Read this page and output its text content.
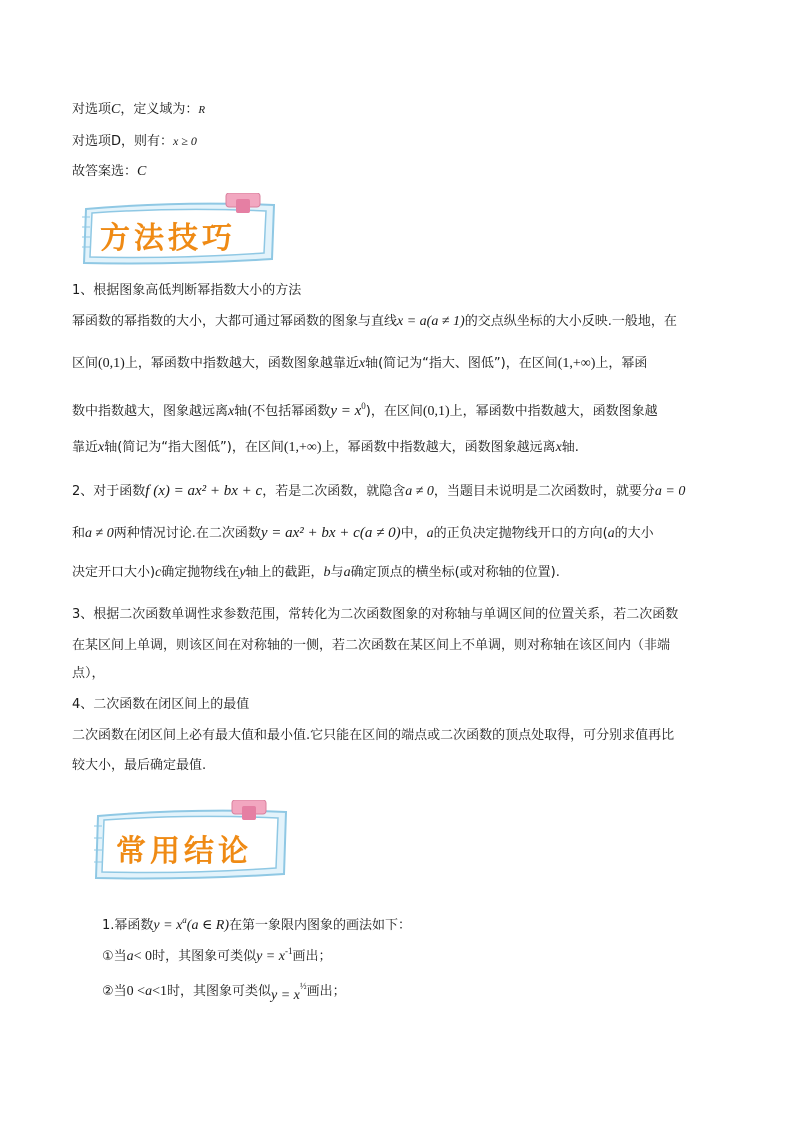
对选项C，定义域为：R
对选项D，则有：x ≥ 0
故答案选：C
方法技巧
1、根据图象高低判断幂指数大小的方法
幂函数的幂指数的大小，大都可通过幂函数的图象与直线x = a(a ≠ 1)的交点纵坐标的大小反映.一般地，在
区间(0,1)上，幂函数中指数越大，函数图象越靠近x轴(简记为“指大、图低”)，在区间(1,+∞)上，幂函
数中指数越大，图象越远离x轴(不包括幂函数$y = x^0$)，在区间(0,1)上，幂函数中指数越大，函数图象越
靠近x轴(简记为“指大图低”)，在区间(1,+∞)上，幂函数中指数越大，函数图象越远离x轴.
2、对于函数f (x) = ax² + bx + c，若是二次函数，就隐含a ≠ 0，当题目未说明是二次函数时，就要分a = 0
和a ≠ 0两种情况讨论.在二次函数y = ax² + bx + c(a ≠ 0)中，a的正负决定抛物线开口的方向(a的大小
决定开口大小)c确定抛物线在y轴上的截距，b与a确定顶点的横坐标(或对称轴的位置).
3、根据二次函数单调性求参数范围，常转化为二次函数图象的对称轴与单调区间的位置关系，若二次函数
在某区间上单调，则该区间在对称轴的一侧，若二次函数在某区间上不单调，则对称轴在该区间内（非端
点），
4、二次函数在闭区间上的最值
二次函数在闭区间上必有最大值和最小值.它只能在区间的端点或二次函数的顶点处取得，可分别求值再比
较大小，最后确定最值.
常用结论
1.幂函数$y = x^a(a$ ∈ R)在第一象限内图象的画法如下：
①当a< 0时，其图象可类似$y = x^{-1}$画出；
②当0 <a<1时，其图象可类似$y = x^{\frac{1}{2}}$画出；
